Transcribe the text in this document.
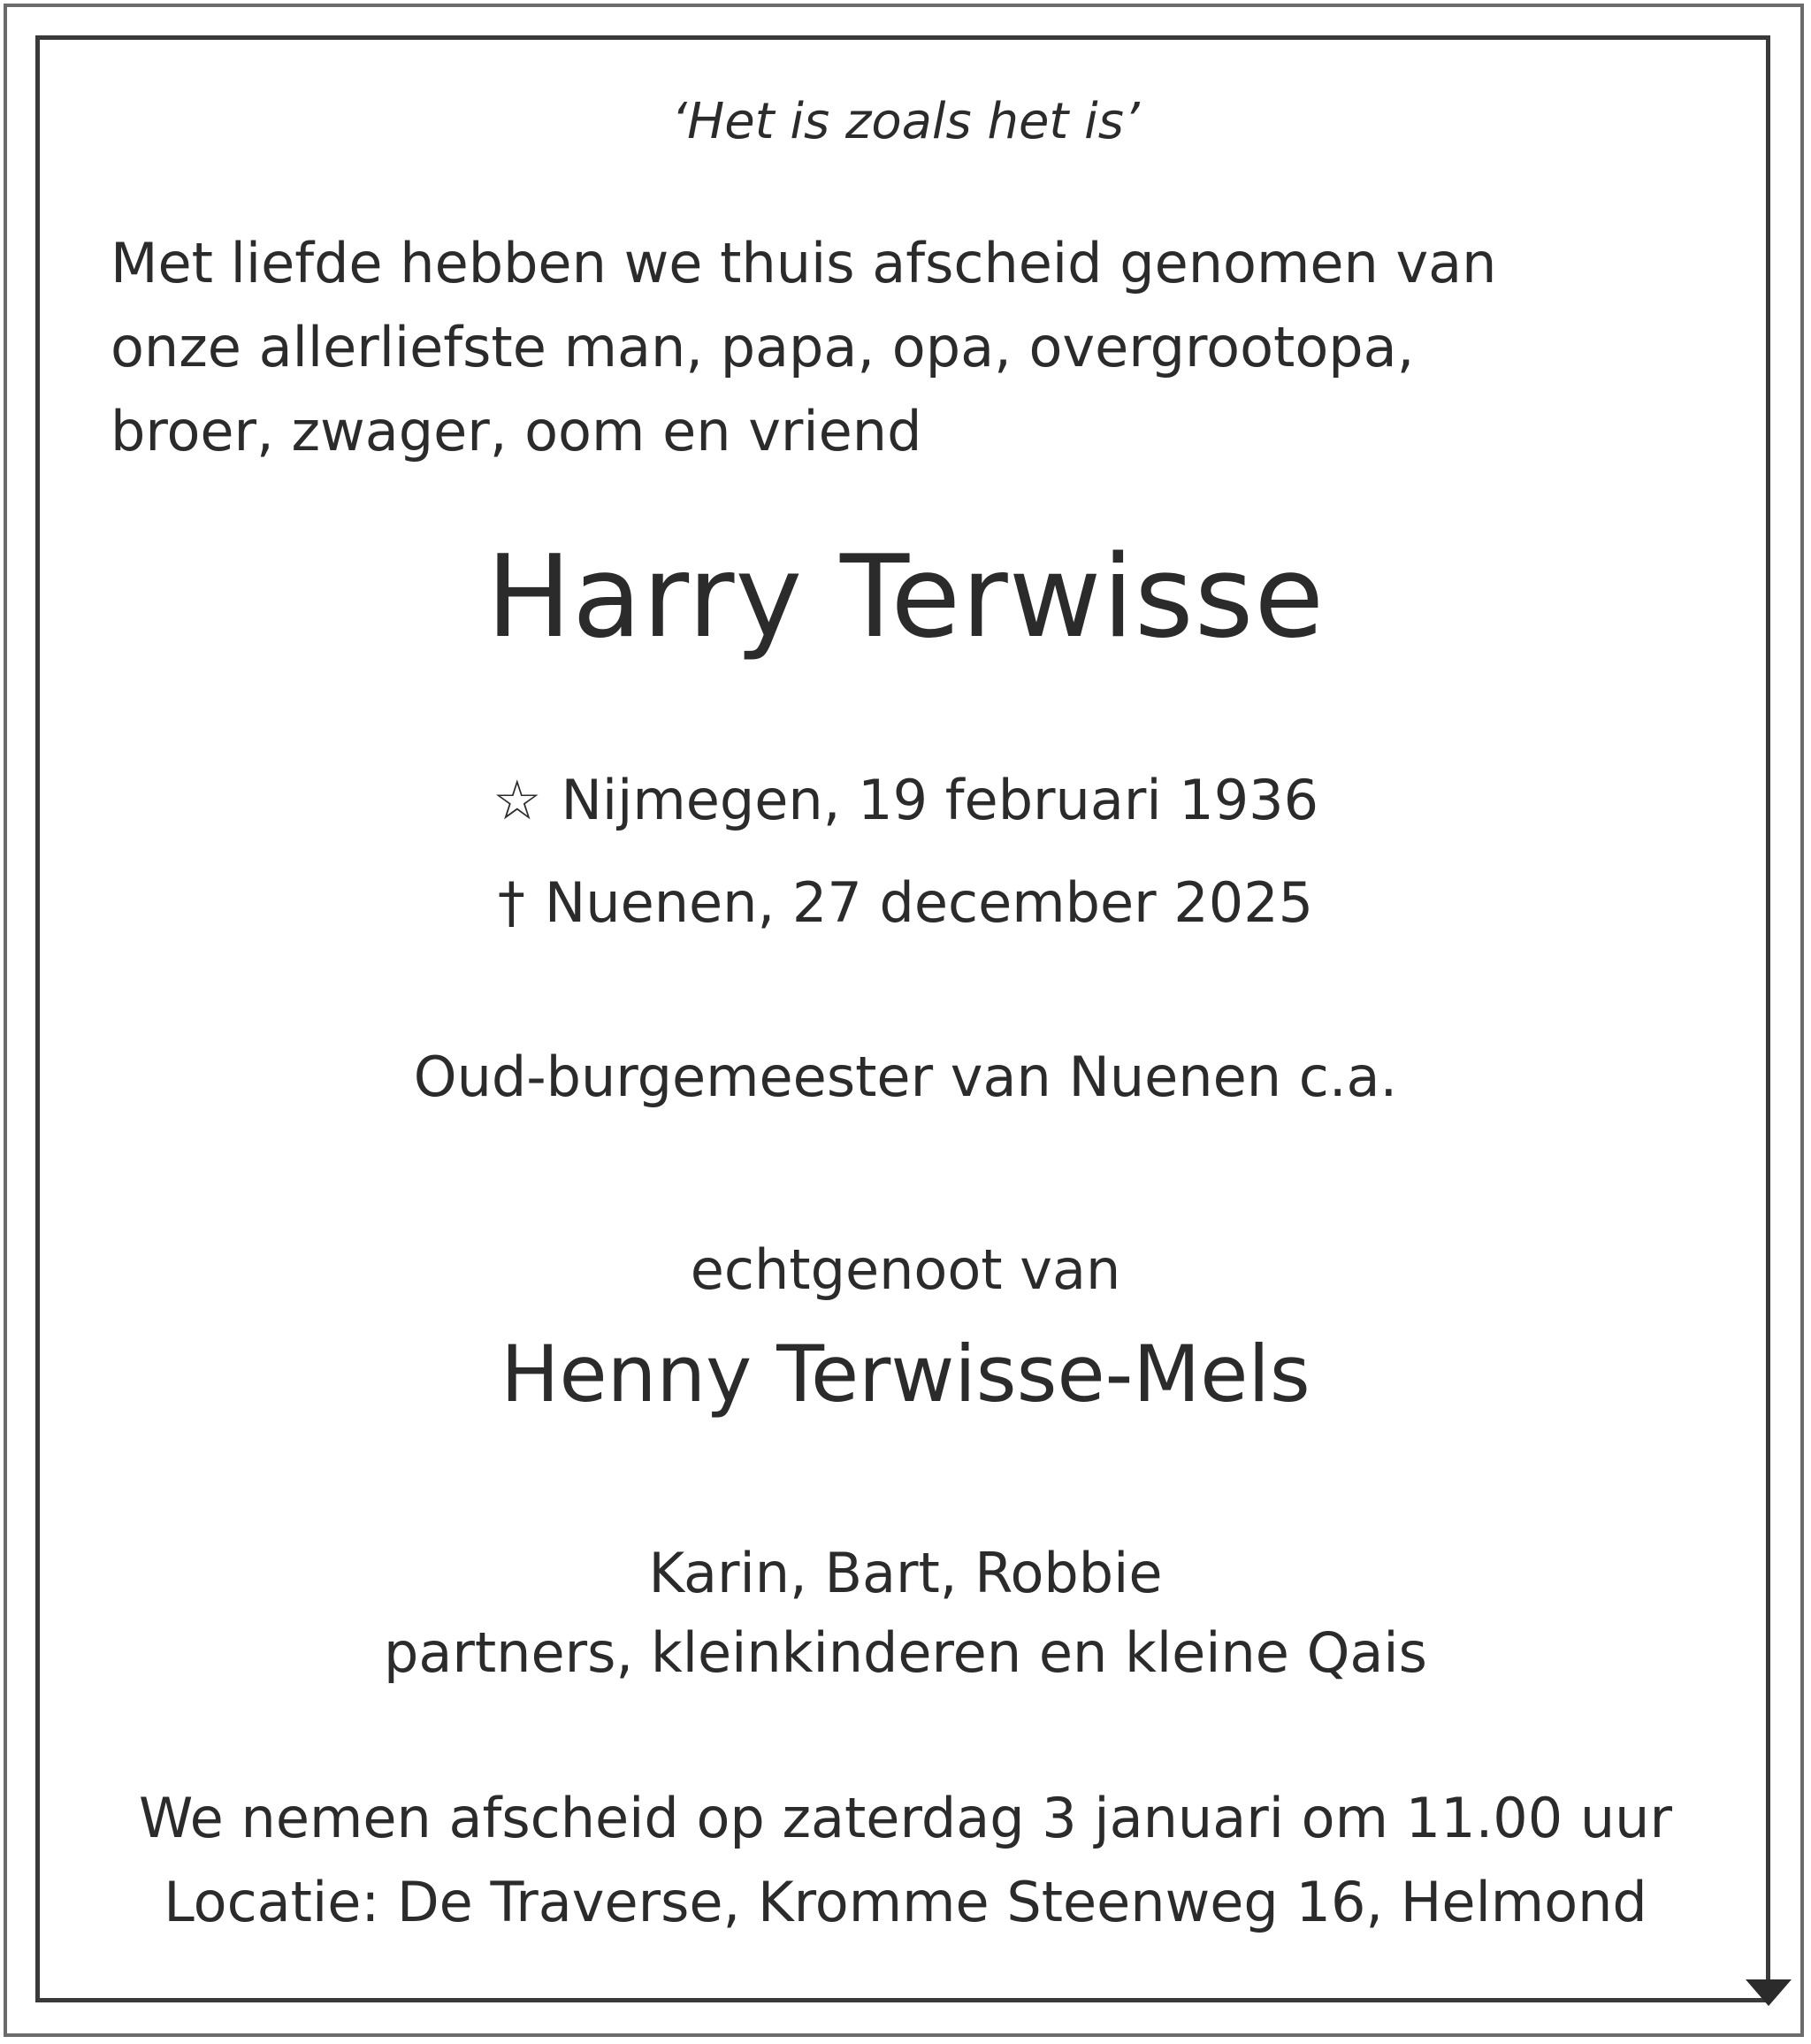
‘Het is zoals het is’
Met liefde hebben we thuis afscheid genomen van
onze allerliefste man, papa, opa, overgrootopa,
broer, zwager, oom en vriend
Harry Terwisse
☆ Nijmegen, 19 februari 1936
† Nuenen, 27 december 2025
Oud-burgemeester van Nuenen c.a.
echtgenoot van
Henny Terwisse-Mels
Karin, Bart, Robbie
partners, kleinkinderen en kleine Qais
We nemen afscheid op zaterdag 3 januari om 11.00 uur
Locatie: De Traverse, Kromme Steenweg 16, Helmond
